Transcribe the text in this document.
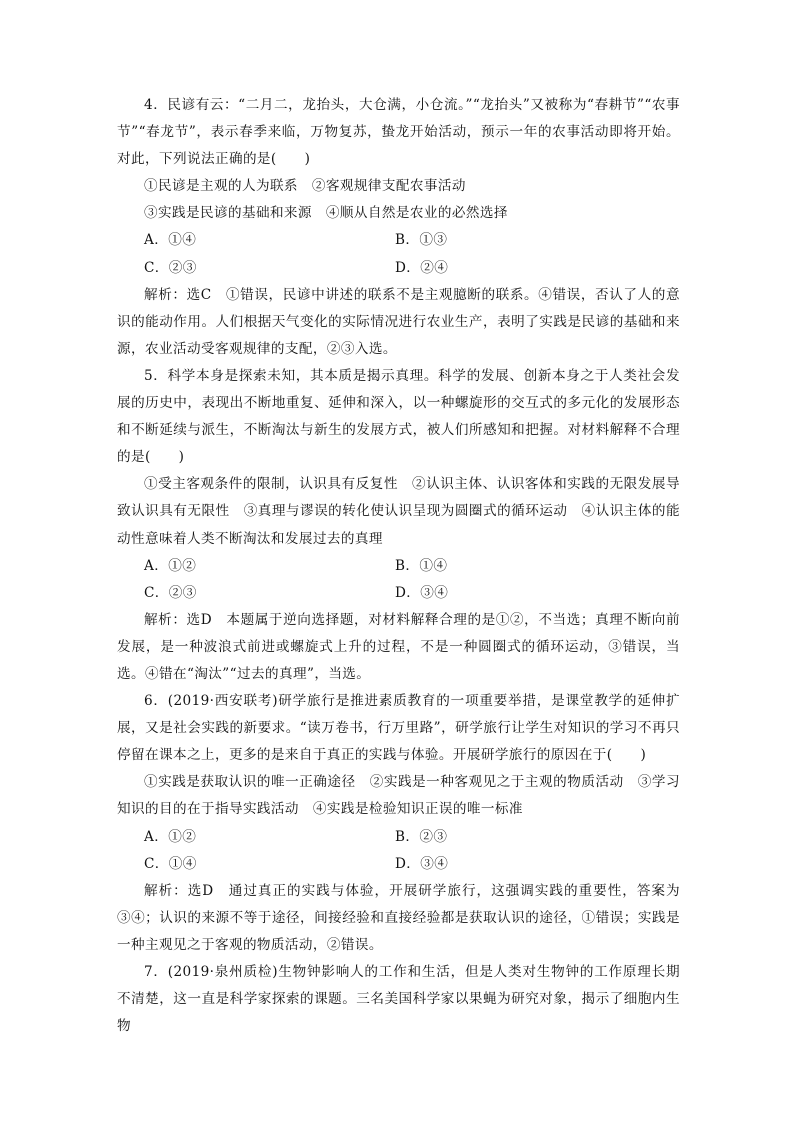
4．民谚有云：“二月二，龙抬头，大仓满，小仓流。”“龙抬头”又被称为“春耕节”“农事节”“春龙节”，表示春季来临，万物复苏，蛰龙开始活动，预示一年的农事活动即将开始。对此，下列说法正确的是(　　)

①民谚是主观的人为联系　②客观规律支配农事活动

③实践是民谚的基础和来源　④顺从自然是农业的必然选择

A．①④	B．①③
C．②③	D．②④

解析：选C　①错误，民谚中讲述的联系不是主观臆断的联系。④错误，否认了人的意识的能动作用。人们根据天气变化的实际情况进行农业生产，表明了实践是民谚的基础和来源，农业活动受客观规律的支配，②③入选。

5．科学本身是探索未知，其本质是揭示真理。科学的发展、创新本身之于人类社会发展的历史中，表现出不断地重复、延伸和深入，以一种螺旋形的交互式的多元化的发展形态和不断延续与派生，不断淘汰与新生的发展方式，被人们所感知和把握。对材料解释不合理的是(　　)

①受主客观条件的限制，认识具有反复性　②认识主体、认识客体和实践的无限发展导致认识具有无限性　③真理与谬误的转化使认识呈现为圆圈式的循环运动　④认识主体的能动性意味着人类不断淘汰和发展过去的真理

A．①②	B．①④
C．②③	D．③④

解析：选D　本题属于逆向选择题，对材料解释合理的是①②，不当选；真理不断向前发展，是一种波浪式前进或螺旋式上升的过程，不是一种圆圈式的循环运动，③错误，当选。④错在“淘汰”“过去的真理”，当选。

6．(2019·西安联考)研学旅行是推进素质教育的一项重要举措，是课堂教学的延伸扩展，又是社会实践的新要求。“读万卷书，行万里路”，研学旅行让学生对知识的学习不再只停留在课本之上，更多的是来自于真正的实践与体验。开展研学旅行的原因在于(　　)

①实践是获取认识的唯一正确途径　②实践是一种客观见之于主观的物质活动　③学习知识的目的在于指导实践活动　④实践是检验知识正误的唯一标准

A．①②	B．②③
C．①④	D．③④

解析：选D　通过真正的实践与体验，开展研学旅行，这强调实践的重要性，答案为③④；认识的来源不等于途径，间接经验和直接经验都是获取认识的途径，①错误；实践是一种主观见之于客观的物质活动，②错误。

7．(2019·泉州质检)生物钟影响人的工作和生活，但是人类对生物钟的工作原理长期不清楚，这一直是科学家探索的课题。三名美国科学家以果蝇为研究对象，揭示了细胞内生物
